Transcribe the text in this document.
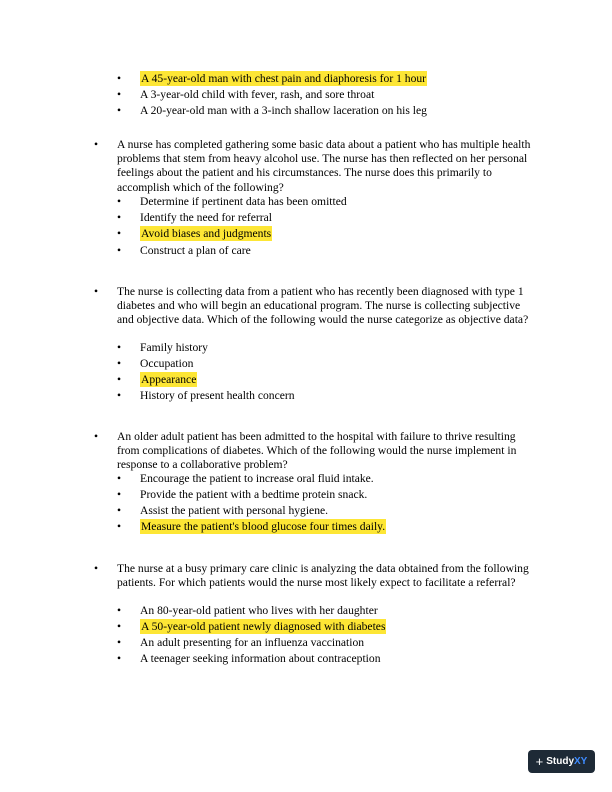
•	A 45-year-old man with chest pain and diaphoresis for 1 hour
•	A 3-year-old child with fever, rash, and sore throat
•	A 20-year-old man with a 3-inch shallow laceration on his leg
• A nurse has completed gathering some basic data about a patient who has multiple health problems that stem from heavy alcohol use. The nurse has then reflected on her personal feelings about the patient and his circumstances. The nurse does this primarily to accomplish which of the following?
•	Determine if pertinent data has been omitted
•	Identify the need for referral
•	Avoid biases and judgments
•	Construct a plan of care
• The nurse is collecting data from a patient who has recently been diagnosed with type 1 diabetes and who will begin an educational program. The nurse is collecting subjective and objective data. Which of the following would the nurse categorize as objective data?
•	Family history
•	Occupation
•	Appearance
•	History of present health concern
• An older adult patient has been admitted to the hospital with failure to thrive resulting from complications of diabetes. Which of the following would the nurse implement in response to a collaborative problem?
•	Encourage the patient to increase oral fluid intake.
•	Provide the patient with a bedtime protein snack.
•	Assist the patient with personal hygiene.
•	Measure the patient's blood glucose four times daily.
• The nurse at a busy primary care clinic is analyzing the data obtained from the following patients. For which patients would the nurse most likely expect to facilitate a referral?
•	An 80-year-old patient who lives with her daughter
•	A 50-year-old patient newly diagnosed with diabetes
•	An adult presenting for an influenza vaccination
•	A teenager seeking information about contraception
+ Study XY
